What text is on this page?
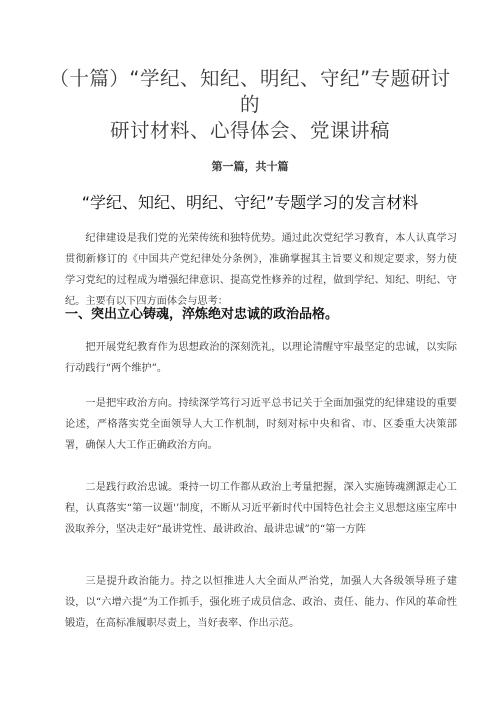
（十篇）“学纪、知纪、明纪、守纪”专题研讨的
研讨材料、心得体会、党课讲稿
第一篇，共十篇
“学纪、知纪、明纪、守纪”专题学习的发言材料

纪律建设是我们党的光荣传统和独特优势。通过此次党纪学习教育，本人认真学习贯彻新修订的《中国共产党纪律处分条例》，准确掌握其主旨要义和规定要求，努力使学习党纪的过程成为增强纪律意识、提高党性修养的过程，做到学纪、知纪、明纪、守纪。主要有以下四方面体会与思考：

一、突出立心铸魂，淬炼绝对忠诚的政治品格。

把开展党纪教育作为思想政治的深刻洗礼，以理论清醒守牢最坚定的忠诚，以实际行动践行“两个维护”。

一是把牢政治方向。持续深学笃行习近平总书记关于全面加强党的纪律建设的重要论述，严格落实党全面领导人大工作机制，时刻对标中央和省、市、区委重大决策部署，确保人大工作正确政治方向。

二是践行政治忠诚。秉持一切工作都从政治上考量把握，深入实施铸魂溯源走心工程，认真落实“第一议题'’制度，不断从习近平新时代中国特色社会主义思想这座宝库中汲取养分，坚决走好“最讲党性、最讲政治、最讲忠诚”的“第一方阵

三是提升政治能力。持之以恒推进人大全面从严治党，加强人大各级领导班子建设，以“六增六提”为工作抓手，强化班子成员信念、政治、责任、能力、作风的革命性锻造，在高标准履职尽责上，当好表率、作出示范。
